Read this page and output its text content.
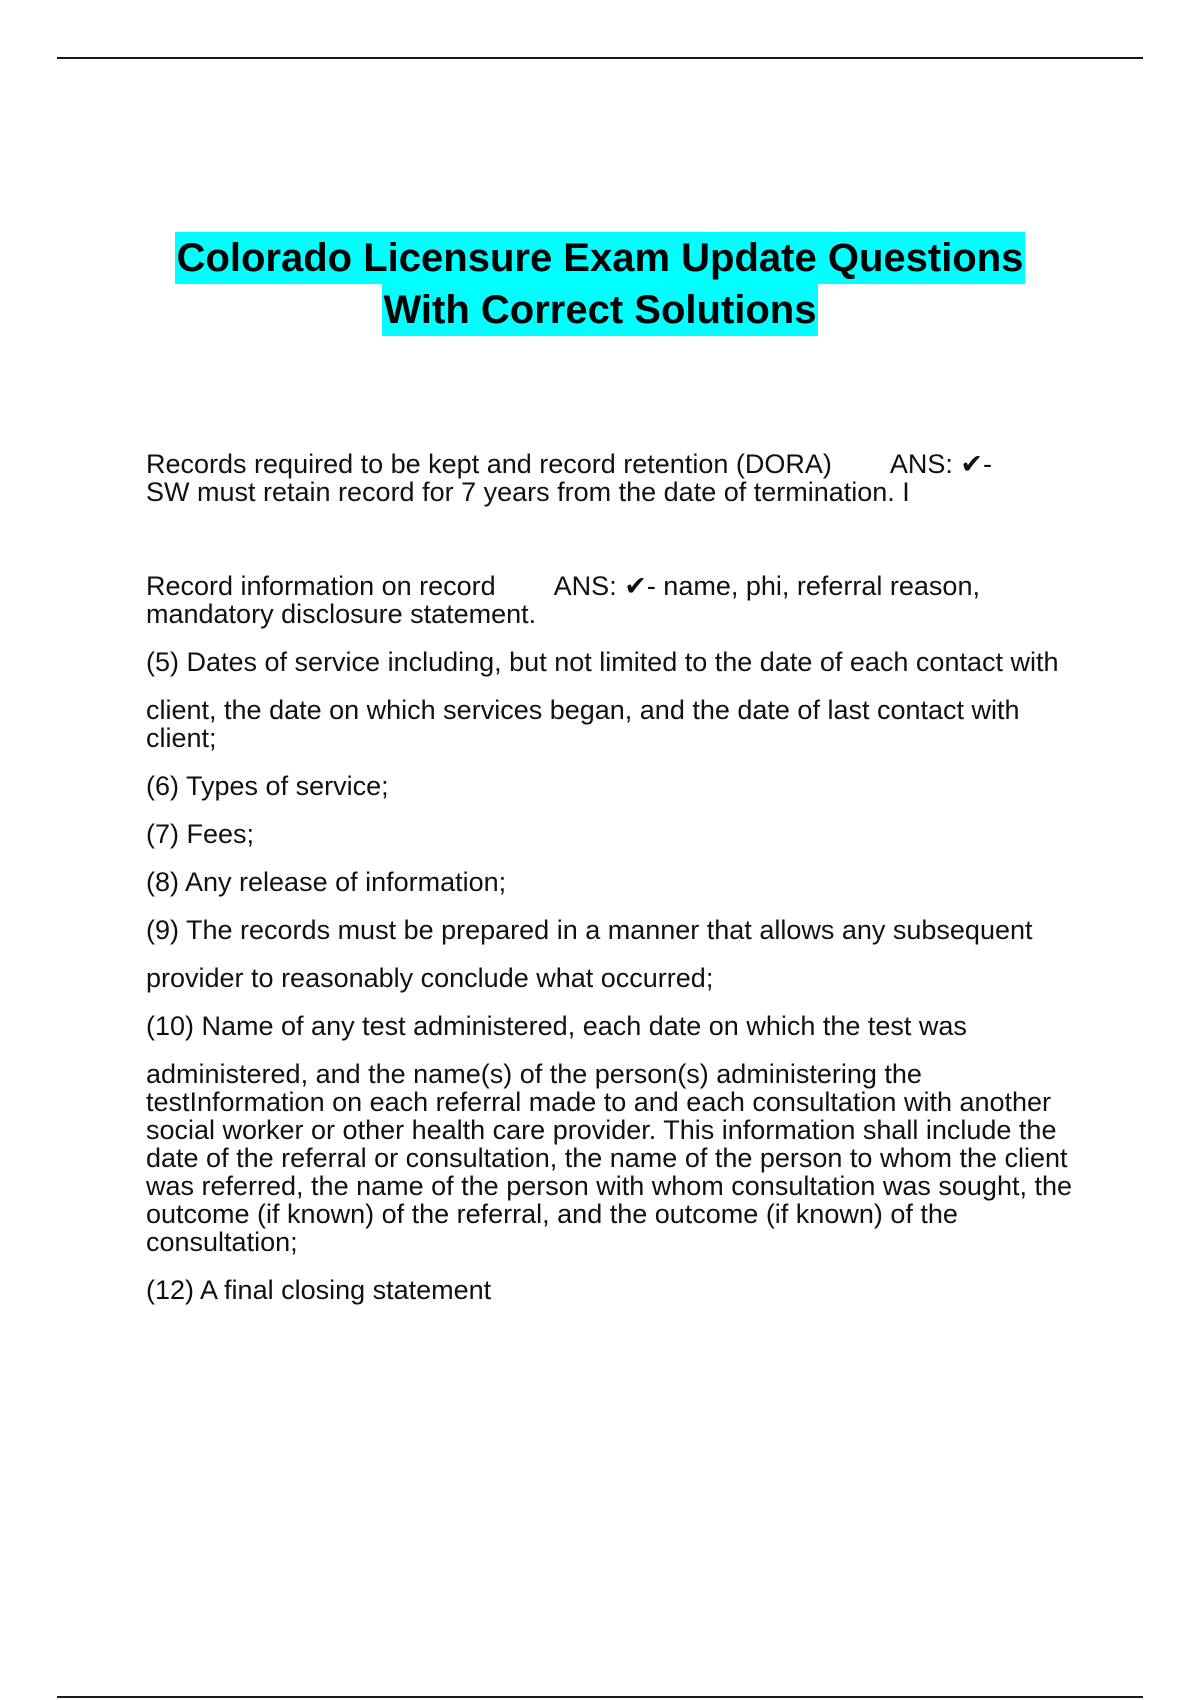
Colorado Licensure Exam Update Questions
With Correct Solutions

Records required to be kept and record retention (DORA) ANS: ✔-

SW must retain record for 7 years from the date of termination. I

Record information on record ANS: ✔- name, phi, referral reason,

mandatory disclosure statement.

(5) Dates of service including, but not limited to the date of each contact with

client, the date on which services began, and the date of last contact with client;

(6) Types of service;

(7) Fees;

(8) Any release of information;

(9) The records must be prepared in a manner that allows any subsequent

provider to reasonably conclude what occurred;

(10) Name of any test administered, each date on which the test was

administered, and the name(s) of the person(s) administering the testInformation on each referral made to and each consultation with another social worker or other health care provider. This information shall include the date of the referral or consultation, the name of the person to whom the client was referred, the name of the person with whom consultation was sought, the outcome (if known) of the referral, and the outcome (if known) of the consultation;

(12) A final closing statement
